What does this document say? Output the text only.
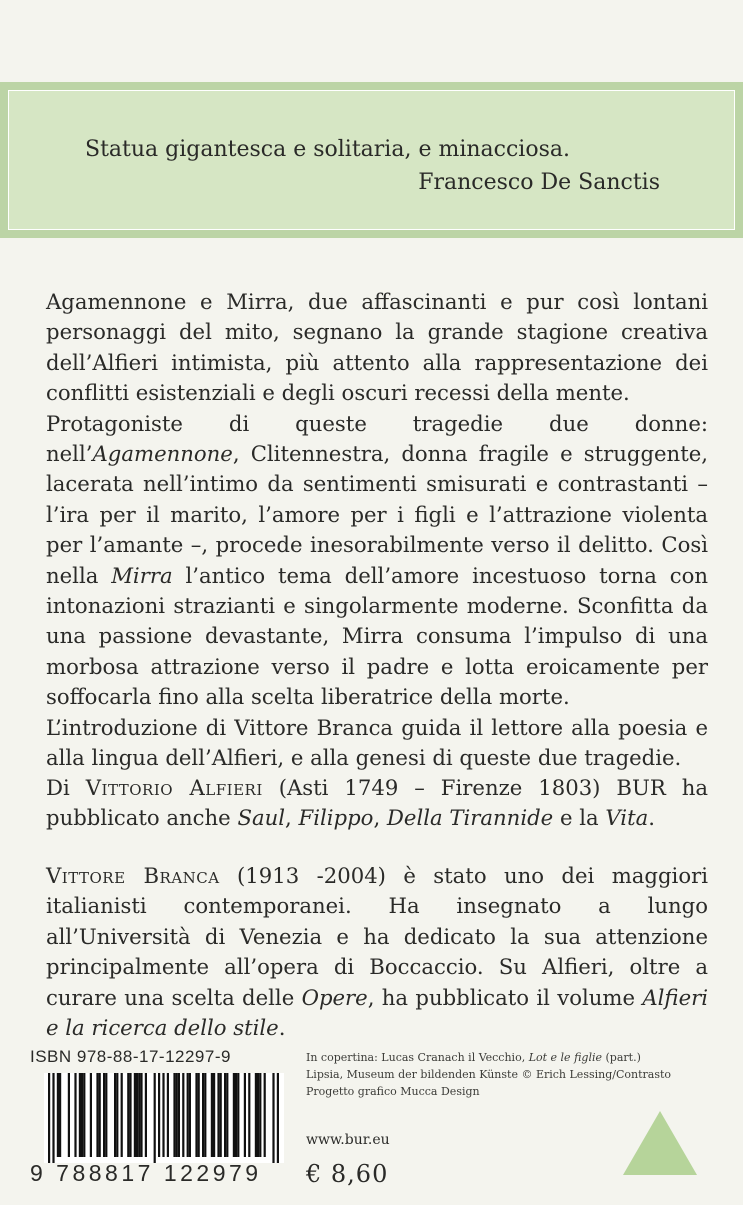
Statua gigantesca e solitaria, e minacciosa.
Francesco De Sanctis

Agamennone e Mirra, due affascinanti e pur così lontani personaggi del mito, segnano la grande stagione creativa dell’Alfieri intimista, più attento alla rappresentazione dei conflitti esistenziali e degli oscuri recessi della mente.

Protagoniste di queste tragedie due donne: nell’Agamennone, Clitennestra, donna fragile e struggente, lacerata nell’intimo da sentimenti smisurati e contrastanti – l’ira per il marito, l’amore per i figli e l’attrazione violenta per l’amante –, procede inesorabilmente verso il delitto. Così nella Mirra l’antico tema dell’amore incestuoso torna con intonazioni strazianti e singolarmente moderne. Sconfitta da una passione devastante, Mirra consuma l’impulso di una morbosa attrazione verso il padre e lotta eroicamente per soffocarla fino alla scelta liberatrice della morte.

L’introduzione di Vittore Branca guida il lettore alla poesia e alla lingua dell’Alfieri, e alla genesi di queste due tragedie.

Di Vittorio Alfieri (Asti 1749 – Firenze 1803) BUR ha pubblicato anche Saul, Filippo, Della Tirannide e la Vita.

Vittore Branca (1913 -2004) è stato uno dei maggiori italianisti contemporanei. Ha insegnato a lungo all’Università di Venezia e ha dedicato la sua attenzione principalmente all’opera di Boccaccio. Su Alfieri, oltre a curare una scelta delle Opere, ha pubblicato il volume Alfieri e la ricerca dello stile.

ISBN 978-88-17-12297-9
9 788817 122979
In copertina: Lucas Cranach il Vecchio, Lot e le figlie (part.)
Lipsia, Museum der bildenden Künste © Erich Lessing/Contrasto
Progetto grafico Mucca Design
www.bur.eu
€ 8,60
